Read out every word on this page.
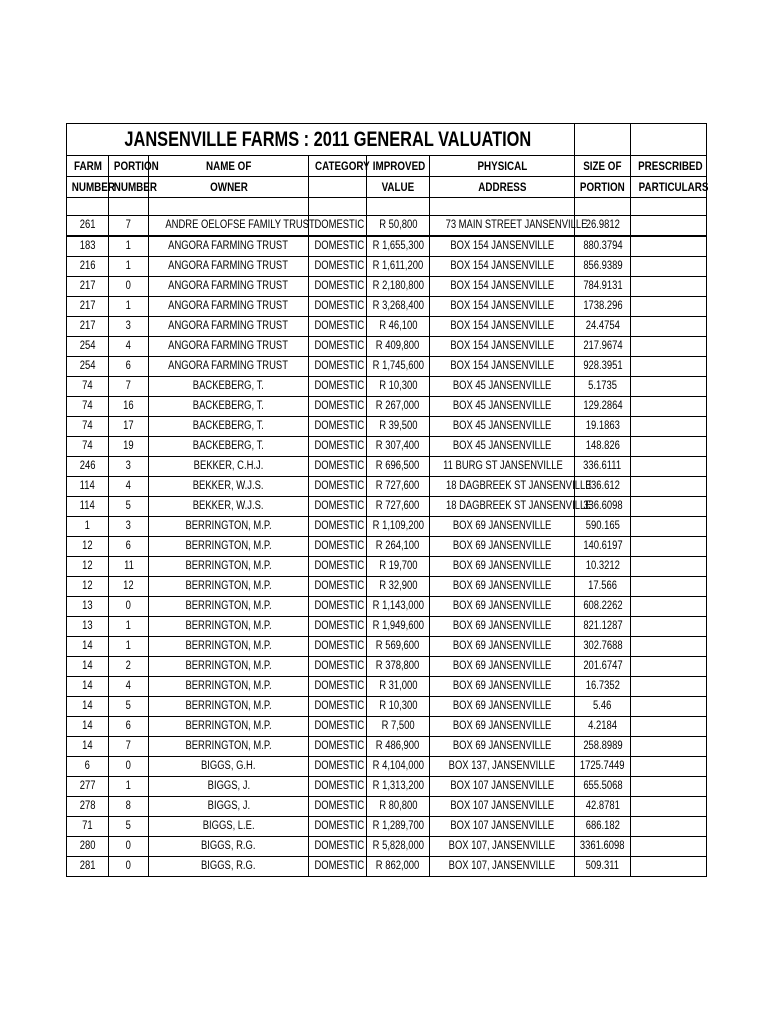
JANSENVILLE FARMS : 2011 GENERAL VALUATION							
FARM	PORTION	NAME OF	CATEGORY	IMPROVED	PHYSICAL	SIZE OF	PRESCRIBED
NUMBER	NUMBER	OWNER		VALUE	ADDRESS	PORTION	PARTICULARS

261	7	ANDRE OELOFSE FAMILY TRUST	DOMESTIC	R 50,800	73 MAIN STREET JANSENVILLE	26.9812	
183	1	ANGORA FARMING TRUST	DOMESTIC	R 1,655,300	BOX 154 JANSENVILLE	880.3794	
216	1	ANGORA FARMING TRUST	DOMESTIC	R 1,611,200	BOX 154 JANSENVILLE	856.9389	
217	0	ANGORA FARMING TRUST	DOMESTIC	R 2,180,800	BOX 154 JANSENVILLE	784.9131	
217	1	ANGORA FARMING TRUST	DOMESTIC	R 3,268,400	BOX 154 JANSENVILLE	1738.296	
217	3	ANGORA FARMING TRUST	DOMESTIC	R 46,100	BOX 154 JANSENVILLE	24.4754	
254	4	ANGORA FARMING TRUST	DOMESTIC	R 409,800	BOX 154 JANSENVILLE	217.9674	
254	6	ANGORA FARMING TRUST	DOMESTIC	R 1,745,600	BOX 154 JANSENVILLE	928.3951	
74	7	BACKEBERG, T.	DOMESTIC	R 10,300	BOX 45 JANSENVILLE	5.1735	
74	16	BACKEBERG, T.	DOMESTIC	R 267,000	BOX 45 JANSENVILLE	129.2864	
74	17	BACKEBERG, T.	DOMESTIC	R 39,500	BOX 45 JANSENVILLE	19.1863	
74	19	BACKEBERG, T.	DOMESTIC	R 307,400	BOX 45 JANSENVILLE	148.826	
246	3	BEKKER, C.H.J.	DOMESTIC	R 696,500	11 BURG ST JANSENVILLE	336.6111	
114	4	BEKKER, W.J.S.	DOMESTIC	R 727,600	18 DAGBREEK ST JANSENVILLE	336.612	
114	5	BEKKER, W.J.S.	DOMESTIC	R 727,600	18 DAGBREEK ST JANSENVILLE	336.6098	
1	3	BERRINGTON, M.P.	DOMESTIC	R 1,109,200	BOX 69 JANSENVILLE	590.165	
12	6	BERRINGTON, M.P.	DOMESTIC	R 264,100	BOX 69 JANSENVILLE	140.6197	
12	11	BERRINGTON, M.P.	DOMESTIC	R 19,700	BOX 69 JANSENVILLE	10.3212	
12	12	BERRINGTON, M.P.	DOMESTIC	R 32,900	BOX 69 JANSENVILLE	17.566	
13	0	BERRINGTON, M.P.	DOMESTIC	R 1,143,000	BOX 69 JANSENVILLE	608.2262	
13	1	BERRINGTON, M.P.	DOMESTIC	R 1,949,600	BOX 69 JANSENVILLE	821.1287	
14	1	BERRINGTON, M.P.	DOMESTIC	R 569,600	BOX 69 JANSENVILLE	302.7688	
14	2	BERRINGTON, M.P.	DOMESTIC	R 378,800	BOX 69 JANSENVILLE	201.6747	
14	4	BERRINGTON, M.P.	DOMESTIC	R 31,000	BOX 69 JANSENVILLE	16.7352	
14	5	BERRINGTON, M.P.	DOMESTIC	R 10,300	BOX 69 JANSENVILLE	5.46	
14	6	BERRINGTON, M.P.	DOMESTIC	R 7,500	BOX 69 JANSENVILLE	4.2184	
14	7	BERRINGTON, M.P.	DOMESTIC	R 486,900	BOX 69 JANSENVILLE	258.8989	
6	0	BIGGS, G.H.	DOMESTIC	R 4,104,000	BOX 137, JANSENVILLE	1725.7449	
277	1	BIGGS, J.	DOMESTIC	R 1,313,200	BOX 107 JANSENVILLE	655.5068	
278	8	BIGGS, J.	DOMESTIC	R 80,800	BOX 107 JANSENVILLE	42.8781	
71	5	BIGGS, L.E.	DOMESTIC	R 1,289,700	BOX 107 JANSENVILLE	686.182	
280	0	BIGGS, R.G.	DOMESTIC	R 5,828,000	BOX 107, JANSENVILLE	3361.6098	
281	0	BIGGS, R.G.	DOMESTIC	R 862,000	BOX 107, JANSENVILLE	509.311	
